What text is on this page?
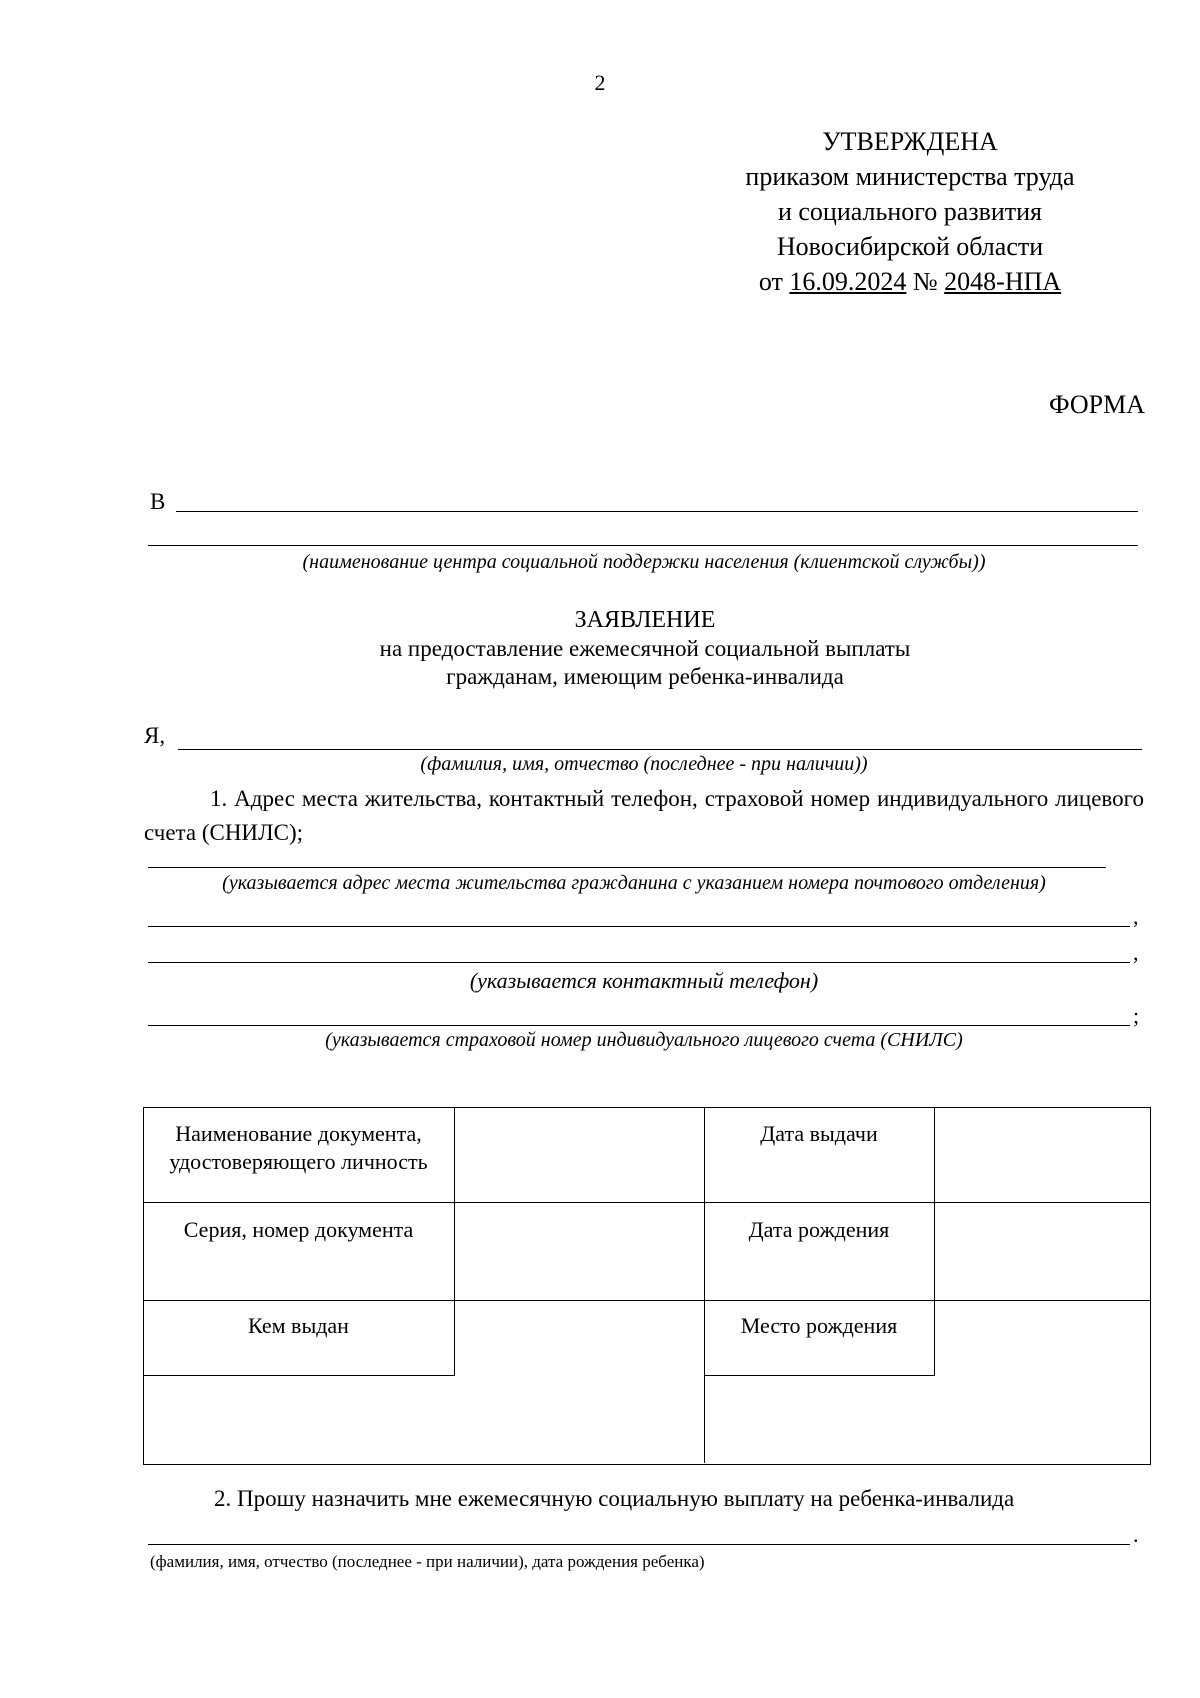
2
УТВЕРЖДЕНА
приказом министерства труда
и социального развития
Новосибирской области
от 16.09.2024 № 2048-НПА
ФОРМА
В
(наименование центра социальной поддержки населения (клиентской службы))
ЗАЯВЛЕНИЕ
на предоставление ежемесячной социальной выплаты
гражданам, имеющим ребенка-инвалида
Я,
(фамилия, имя, отчество (последнее - при наличии))
1. Адрес места жительства, контактный телефон, страховой номер индивидуального лицевого счета (СНИЛС);
(указывается адрес места жительства гражданина с указанием номера почтового отделения)
,
,
(указывается контактный телефон)
;
(указывается страховой номер индивидуального лицевого счета (СНИЛС)
Наименование документа, удостоверяющего личность
Дата выдачи
Серия, номер документа	Дата рождения
Кем выдан	Место рождения
2. Прошу назначить мне ежемесячную социальную выплату на ребенка-инвалида
.
(фамилия, имя, отчество (последнее - при наличии), дата рождения ребенка)
